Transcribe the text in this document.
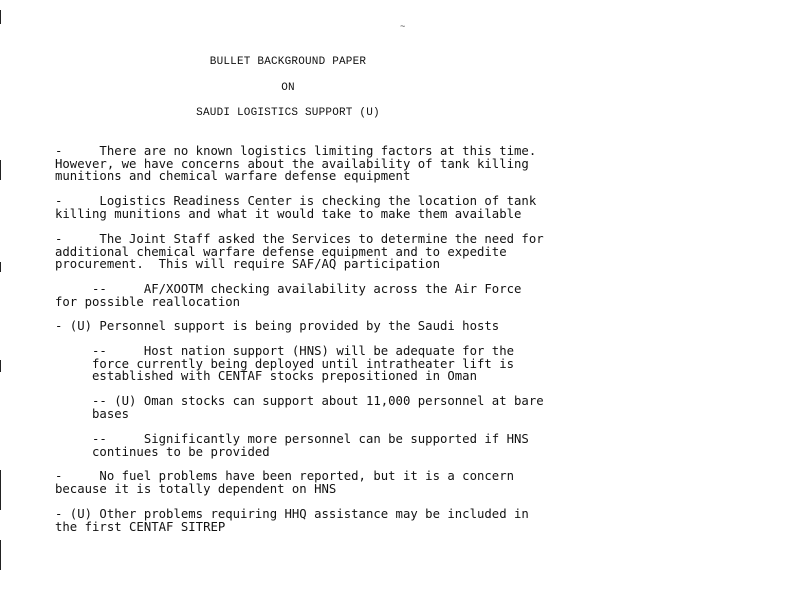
~
BULLET BACKGROUND PAPER
ON
SAUDI LOGISTICS SUPPORT (U)
-     There are no known logistics limiting factors at this time.
However, we have concerns about the availability of tank killing
munitions and chemical warfare defense equipment
-     Logistics Readiness Center is checking the location of tank
killing munitions and what it would take to make them available
-     The Joint Staff asked the Services to determine the need for
additional chemical warfare defense equipment and to expedite
procurement.  This will require SAF/AQ participation
--     AF/XOOTM checking availability across the Air Force
for possible reallocation
- (U) Personnel support is being provided by the Saudi hosts
--     Host nation support (HNS) will be adequate for the
force currently being deployed until intratheater lift is
established with CENTAF stocks prepositioned in Oman
-- (U) Oman stocks can support about 11,000 personnel at bare
bases
--     Significantly more personnel can be supported if HNS
continues to be provided
-     No fuel problems have been reported, but it is a concern
because it is totally dependent on HNS
- (U) Other problems requiring HHQ assistance may be included in
the first CENTAF SITREP
